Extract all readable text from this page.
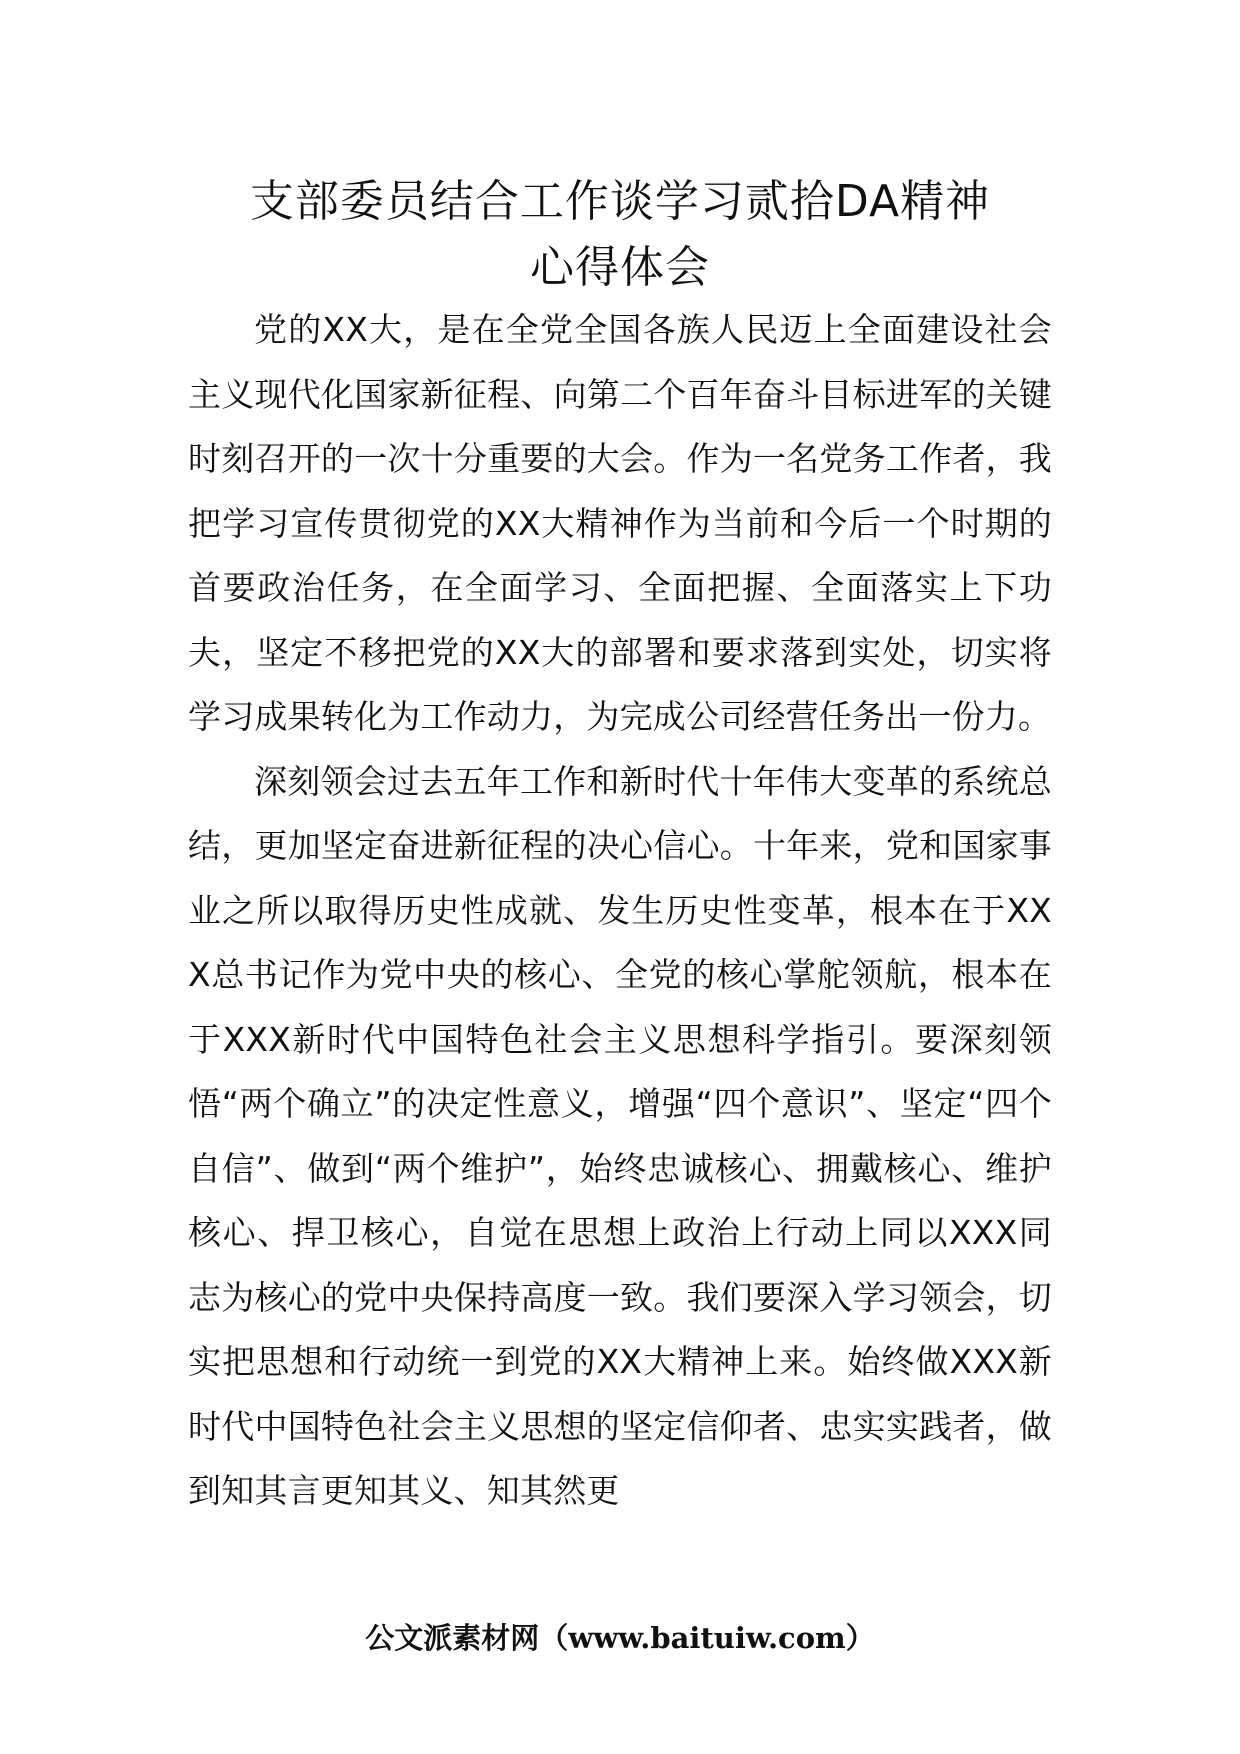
支部委员结合工作谈学习贰拾DA精神
心得体会

党的XX大，是在全党全国各族人民迈上全面建设社会主义现代化国家新征程、向第二个百年奋斗目标进军的关键时刻召开的一次十分重要的大会。作为一名党务工作者，我把学习宣传贯彻党的XX大精神作为当前和今后一个时期的首要政治任务，在全面学习、全面把握、全面落实上下功夫，坚定不移把党的XX大的部署和要求落到实处，切实将学习成果转化为工作动力，为完成公司经营任务出一份力。

深刻领会过去五年工作和新时代十年伟大变革的系统总结，更加坚定奋进新征程的决心信心。十年来，党和国家事业之所以取得历史性成就、发生历史性变革，根本在于XXX总书记作为党中央的核心、全党的核心掌舵领航，根本在于XXX新时代中国特色社会主义思想科学指引。要深刻领悟“两个确立”的决定性意义，增强“四个意识”、坚定“四个自信”、做到“两个维护”，始终忠诚核心、拥戴核心、维护核心、捍卫核心，自觉在思想上政治上行动上同以XXX同志为核心的党中央保持高度一致。我们要深入学习领会，切实把思想和行动统一到党的XX大精神上来。始终做XXX新时代中国特色社会主义思想的坚定信仰者、忠实实践者，做到知其言更知其义、知其然更

公文派素材网（www.baituiw.com）
